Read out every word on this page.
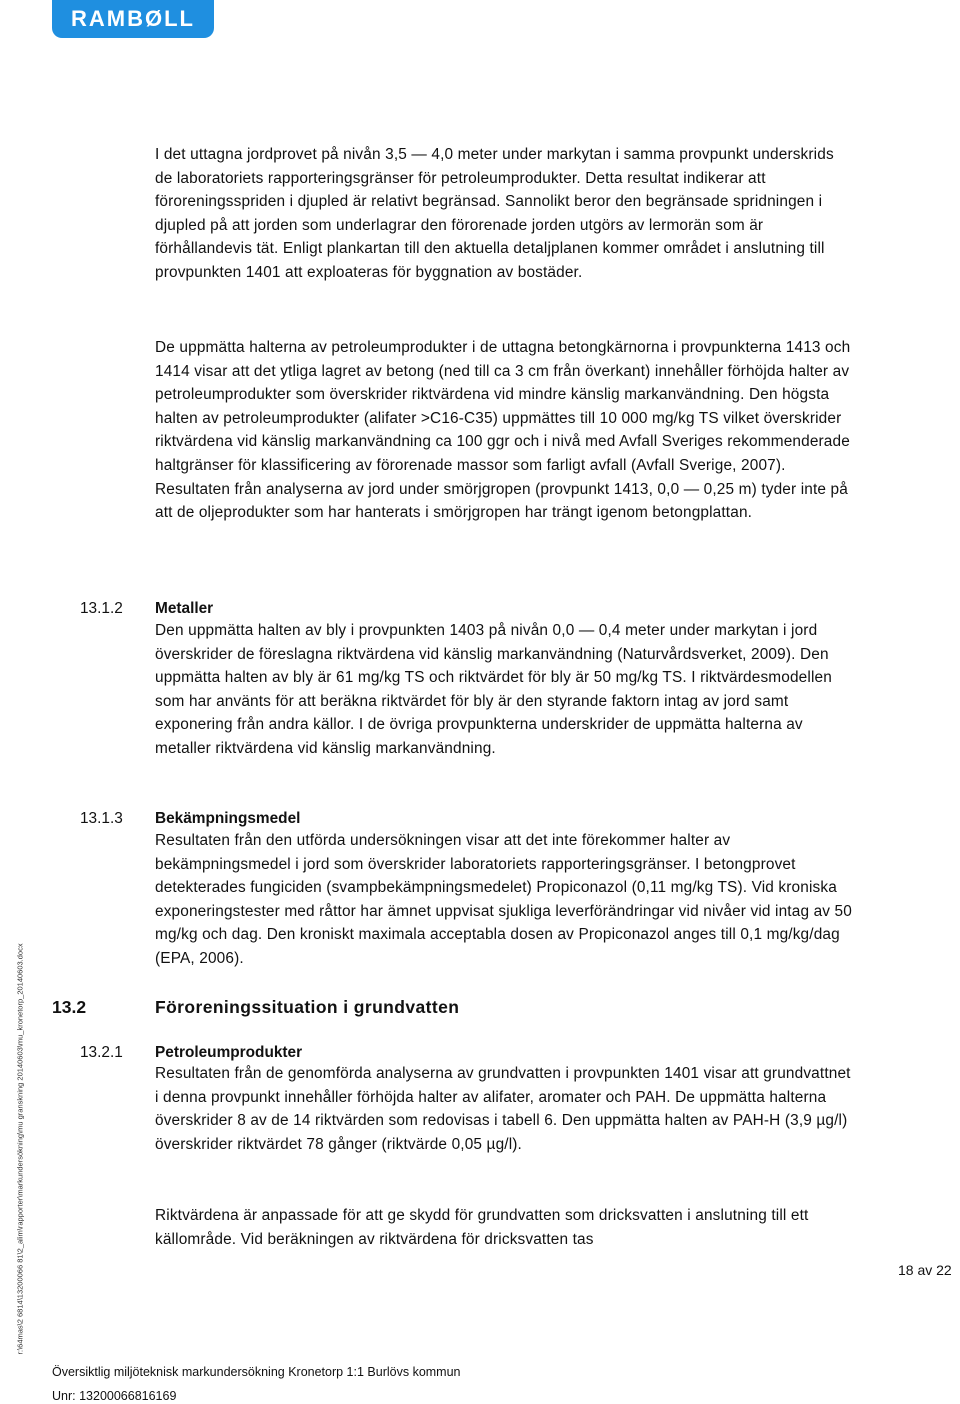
RAMBØLL

I det uttagna jordprovet på nivån 3,5 — 4,0 meter under markytan i samma provpunkt underskrids de laboratoriets rapporteringsgränser för petroleumprodukter. Detta resultat indikerar att föroreningsspriden i djupled är relativt begränsad. Sannolikt beror den begränsade spridningen i djupled på att jorden som underlagrar den förorenade jorden utgörs av lermorän som är förhållandevis tät. Enligt plankartan till den aktuella detaljplanen kommer området i anslutning till provpunkten 1401 att exploateras för byggnation av bostäder.

De uppmätta halterna av petroleumprodukter i de uttagna betongkärnorna i provpunkterna 1413 och 1414 visar att det ytliga lagret av betong (ned till ca 3 cm från överkant) innehåller förhöjda halter av petroleumprodukter som överskrider riktvärdena vid mindre känslig markanvändning. Den högsta halten av petroleumprodukter (alifater >C16-C35) uppmättes till 10 000 mg/kg TS vilket överskrider riktvärdena vid känslig markanvändning ca 100 ggr och i nivå med Avfall Sveriges rekommenderade haltgränser för klassificering av förorenade massor som farligt avfall (Avfall Sverige, 2007). Resultaten från analyserna av jord under smörjgropen (provpunkt 1413, 0,0 — 0,25 m) tyder inte på att de oljeprodukter som har hanterats i smörjgropen har trängt igenom betongplattan.

13.1.2 Metaller

Den uppmätta halten av bly i provpunkten 1403 på nivån 0,0 — 0,4 meter under markytan i jord överskrider de föreslagna riktvärdena vid känslig markanvändning (Naturvårdsverket, 2009). Den uppmätta halten av bly är 61 mg/kg TS och riktvärdet för bly är 50 mg/kg TS. I riktvärdesmodellen som har använts för att beräkna riktvärdet för bly är den styrande faktorn intag av jord samt exponering från andra källor. I de övriga provpunkterna underskrider de uppmätta halterna av metaller riktvärdena vid känslig markanvändning.

13.1.3 Bekämpningsmedel

Resultaten från den utförda undersökningen visar att det inte förekommer halter av bekämpningsmedel i jord som överskrider laboratoriets rapporteringsgränser. I betongprovet detekterades fungiciden (svampbekämpningsmedelet) Propiconazol (0,11 mg/kg TS). Vid kroniska exponeringstester med råttor har ämnet uppvisat sjukliga leverförändringar vid nivåer vid intag av 50 mg/kg och dag. Den kroniskt maximala acceptabla dosen av Propiconazol anges till 0,1 mg/kg/dag (EPA, 2006).

13.2	Föroreningssituation i grundvatten
13.2.1 Petroleumprodukter

Resultaten från de genomförda analyserna av grundvatten i provpunkten 1401 visar att grundvattnet i denna provpunkt innehåller förhöjda halter av alifater, aromater och PAH. De uppmätta halterna överskrider 8 av de 14 riktvärden som redovisas i tabell 6. Den uppmätta halten av PAH-H (3,9 µg/l) överskrider riktvärdet 78 gånger (riktvärde 0,05 µg/l).

Riktvärdena är anpassade för att ge skydd för grundvatten som dricksvatten i anslutning till ett källområde. Vid beräkningen av riktvärdena för dricksvatten tas

r:\64mas\2 6814\13200066 81\2_alim\rapporter\markundersökning\mu granskning 20140603\mu_kronetorp_20140603.docx	18 av 22
Översiktlig miljöteknisk markundersökning Kronetorp 1:1 Burlövs kommun
Unr: 13200066816169
